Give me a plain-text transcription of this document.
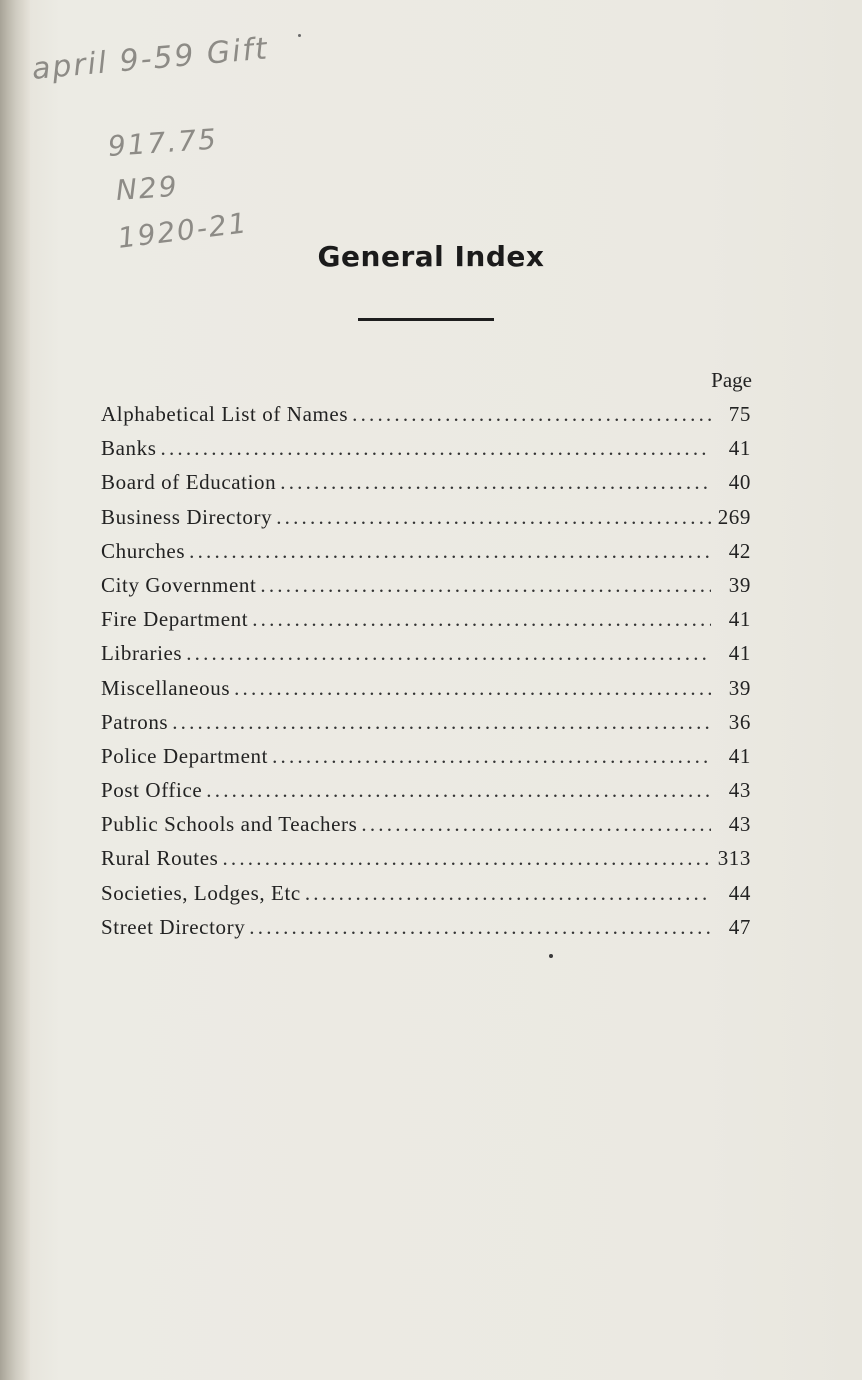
april 9-59 Gift
917.75
N29
1920-21
General Index
Page
Alphabetical List of Names .....	75
Banks .....	41
Board of Education .....	40
Business Directory .....	269
Churches .....	42
City Government .....	39
Fire Department .....	41
Libraries .....	41
Miscellaneous .....	39
Patrons .....	36
Police Department .....	41
Post Office .....	43
Public Schools and Teachers .....	43
Rural Routes .....	313
Societies, Lodges, Etc .....	44
Street Directory .....	47
